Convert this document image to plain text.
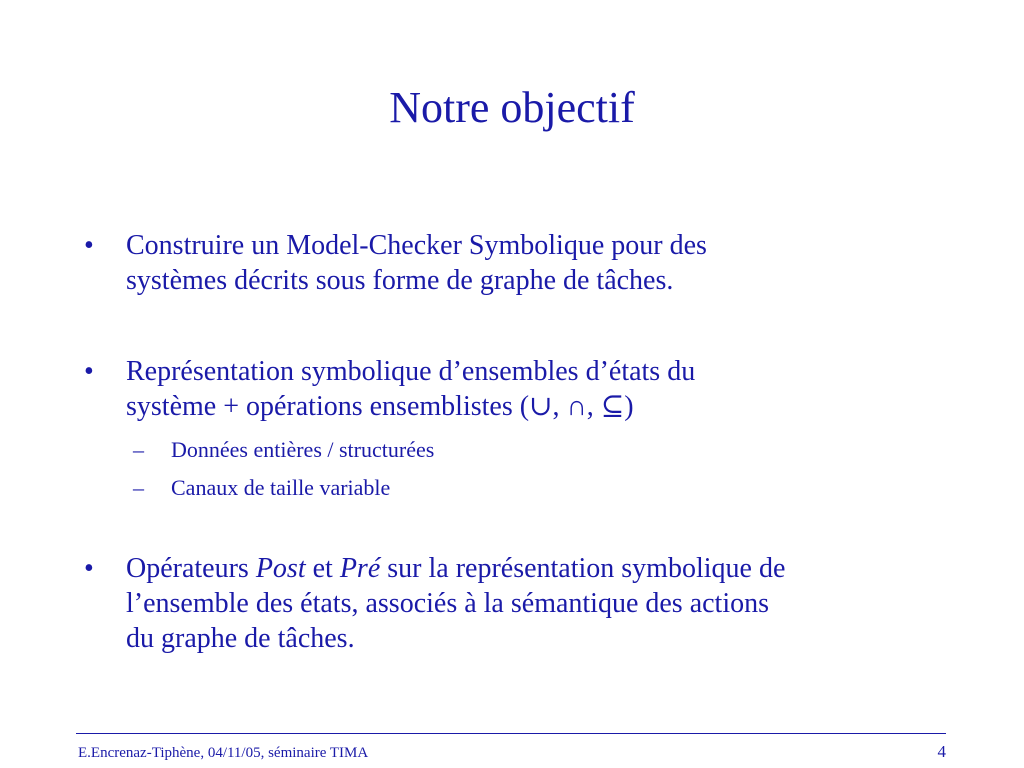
Notre objectif
•	Construire un Model-Checker Symbolique pour des
systèmes décrits sous forme de graphe de tâches.
•	Représentation symbolique d’ensembles d’états du
système + opérations ensemblistes (∪, ∩, ⊆)
– Données entières / structurées
– Canaux de taille variable
•	Opérateurs Post et Pré sur la représentation symbolique de
l’ensemble des états, associés à la sémantique des actions
du graphe de tâches.
E.Encrenaz-Tiphène, 04/11/05, séminaire TIMA	4
